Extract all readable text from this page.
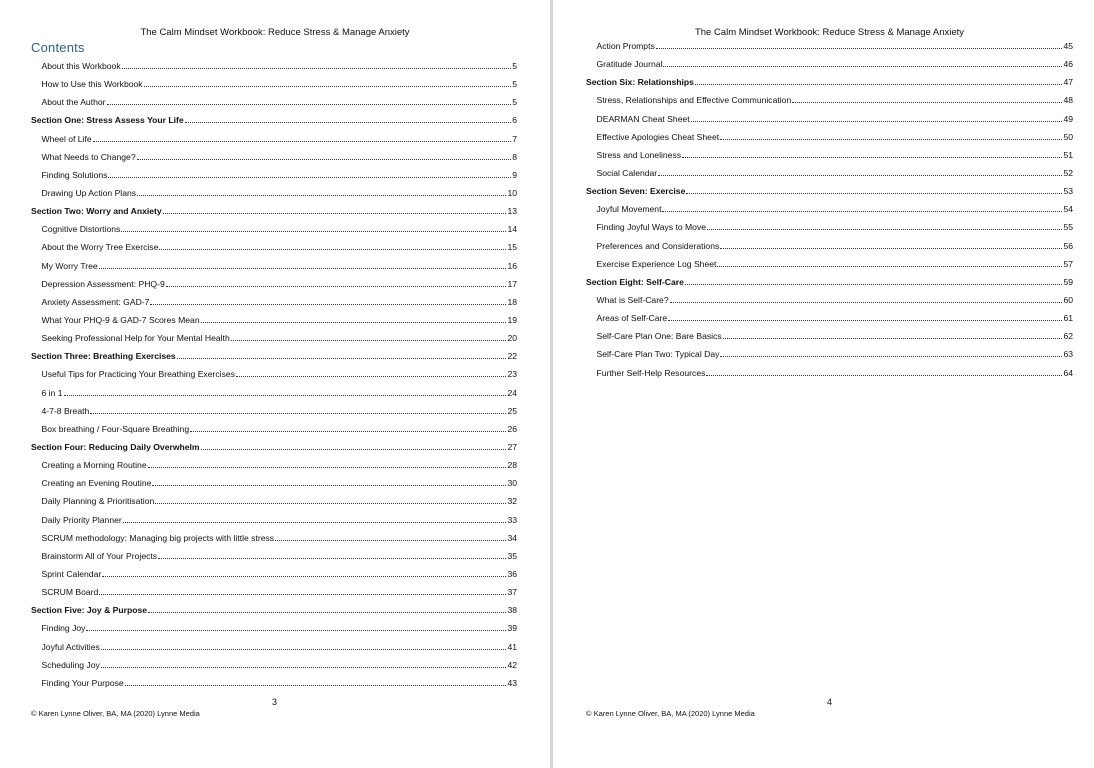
The Calm Mindset Workbook: Reduce Stress & Manage Anxiety
Contents
About this Workbook	5
How to Use this Workbook	5
About the Author	5
Section One: Stress Assess Your Life	6
Wheel of Life	7
What Needs to Change?	8
Finding Solutions	9
Drawing Up Action Plans	10
Section Two: Worry and Anxiety	13
Cognitive Distortions	14
About the Worry Tree Exercise	15
My Worry Tree	16
Depression Assessment: PHQ-9	17
Anxiety Assessment: GAD-7	18
What Your PHQ-9 & GAD-7 Scores Mean	19
Seeking Professional Help for Your Mental Health	20
Section Three: Breathing Exercises	22
Useful Tips for Practicing Your Breathing Exercises	23
6 in 1	24
4-7-8 Breath	25
Box breathing / Four-Square Breathing	26
Section Four: Reducing Daily Overwhelm	27
Creating a Morning Routine	28
Creating an Evening Routine	30
Daily Planning & Prioritisation	32
Daily Priority Planner	33
SCRUM methodology: Managing big projects with little stress	34
Brainstorm All of Your Projects	35
Sprint Calendar	36
SCRUM Board	37
Section Five: Joy & Purpose	38
Finding Joy	39
Joyful Activities	41
Scheduling Joy	42
Finding Your Purpose	43
3
© Karen Lynne Oliver, BA, MA (2020) Lynne Media
The Calm Mindset Workbook: Reduce Stress & Manage Anxiety
Action Prompts	45
Gratitude Journal	46
Section Six: Relationships	47
Stress, Relationships and Effective Communication	48
DEARMAN Cheat Sheet	49
Effective Apologies Cheat Sheet	50
Stress and Loneliness	51
Social Calendar	52
Section Seven: Exercise	53
Joyful Movement	54
Finding Joyful Ways to Move	55
Preferences and Considerations	56
Exercise Experience Log Sheet	57
Section Eight: Self-Care	59
What is Self-Care?	60
Areas of Self-Care	61
Self-Care Plan One: Bare Basics	62
Self-Care Plan Two: Typical Day	63
Further Self-Help Resources	64
4
© Karen Lynne Oliver, BA, MA (2020) Lynne Media
